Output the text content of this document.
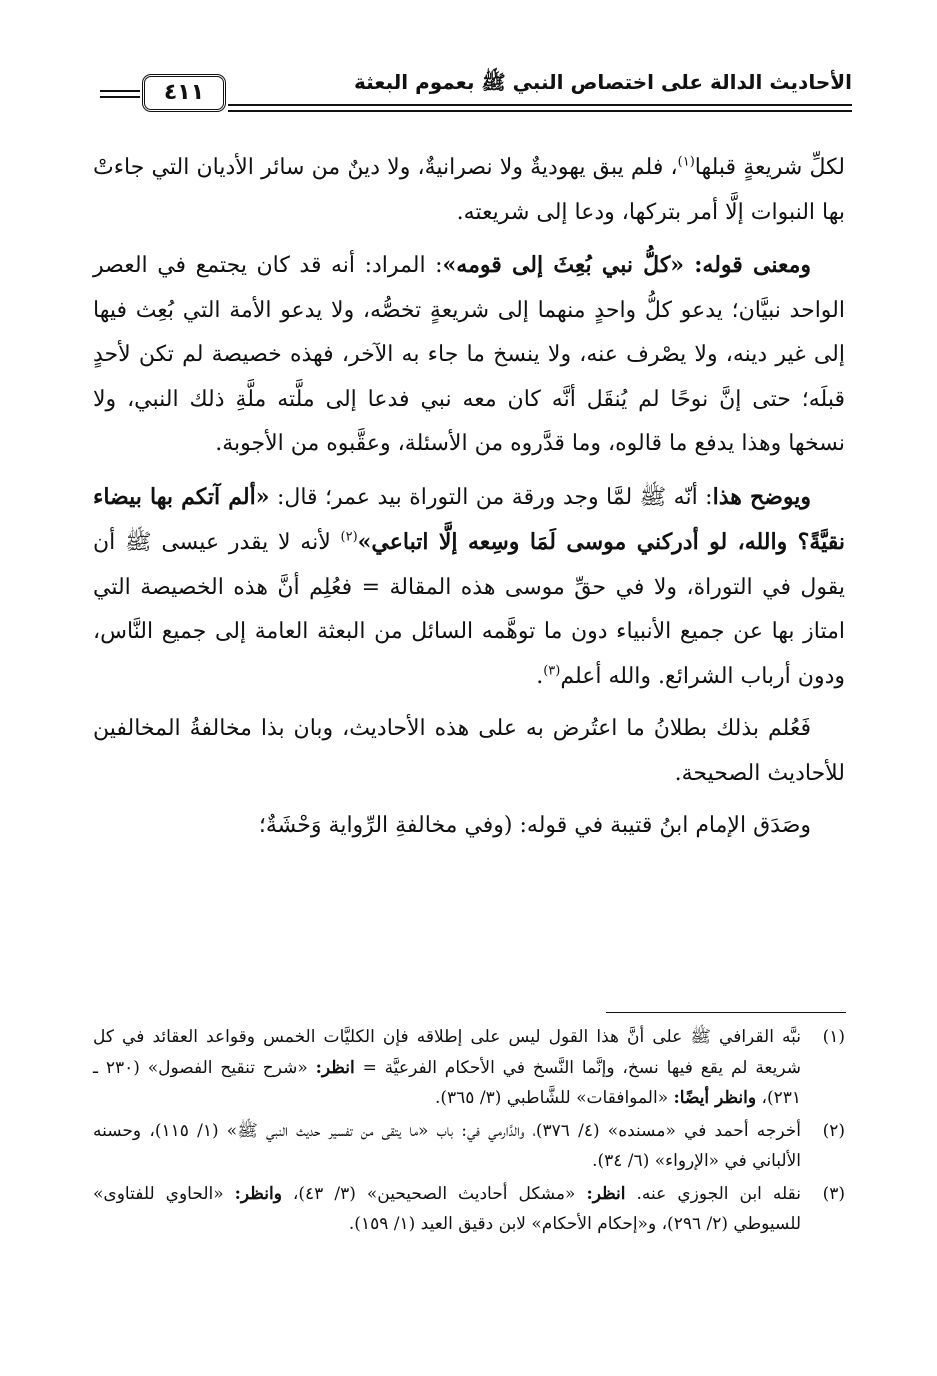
الأحاديث الدالة على اختصاص النبي ﷺ بعموم البعثة
٤١١

لكلِّ شريعةٍ قبلها$^{(١)}$، فلم يبق يهوديةٌ ولا نصرانيةٌ، ولا دينٌ من سائر الأديان التي جاءتْ بها النبوات إلَّا أمر بتركها، ودعا إلى شريعته.

ومعنى قوله: «كلُّ نبي بُعِثَ إلى قومه»: المراد: أنه قد كان يجتمع في العصر الواحد نبيَّان؛ يدعو كلُّ واحدٍ منهما إلى شريعةٍ تخصُّه، ولا يدعو الأمة التي بُعِث فيها إلى غير دينه، ولا يصْرف عنه، ولا ينسخ ما جاء به الآخر، فهذه خصيصة لم تكن لأحدٍ قبلَه؛ حتى إنَّ نوحًا لم يُنقَل أنَّه كان معه نبي فدعا إلى ملَّته ملَّةِ ذلك النبي، ولا نسخها وهذا يدفع ما قالوه، وما قدَّروه من الأسئلة، وعقَّبوه من الأجوبة.

ويوضح هذا: أنّه ﷺ لمَّا وجد ورقة من التوراة بيد عمر؛ قال: «ألم آتكم بها بيضاء نقيَّةً؟ والله، لو أدركني موسى لَمَا وسِعه إلَّا اتباعي»$^{(٢)}$ لأنه لا يقدر عيسى ﷺ أن يقول في التوراة، ولا في حقِّ موسى هذه المقالة = فعُلِم أنَّ هذه الخصيصة التي امتاز بها عن جميع الأنبياء دون ما توهَّمه السائل من البعثة العامة إلى جميع النَّاس، ودون أرباب الشرائع. والله أعلم$^{(٣)}$.

فَعُلم بذلك بطلانُ ما اعتُرض به على هذه الأحاديث، وبان بذا مخالفةُ المخالفين للأحاديث الصحيحة.

وصَدَق الإمام ابنُ قتيبة في قوله: (وفي مخالفةِ الرِّواية وَحْشَةٌ؛

(١)
نبَّه القرافي ﷺ على أنَّ هذا القول ليس على إطلاقه فإن الكليَّات الخمس وقواعد العقائد في كل شريعة لم يقع فيها نسخ، وإنَّما النَّسخ في الأحكام الفرعيَّة = انظر: «شرح تنقيح الفصول» (٢٣٠ ـ ٢٣١)، وانظر أيضًا: «الموافقات» للشَّاطبي (٣/ ٣٦٥).
(٢)
أخرجه أحمد في «مسنده» (٤/ ٣٧٦)، والدَّارمي في: باب «ما يتقى من تفسير حديث النبي ﷺ» (١/ ١١٥)، وحسنه الألباني في «الإرواء» (٦/ ٣٤).
(٣)
نقله ابن الجوزي عنه. انظر: «مشكل أحاديث الصحيحين» (٣/ ٤٣)، وانظر: «الحاوي للفتاوى» للسيوطي (٢/ ٢٩٦)، و«إحكام الأحكام» لابن دقيق العيد (١/ ١٥٩).
